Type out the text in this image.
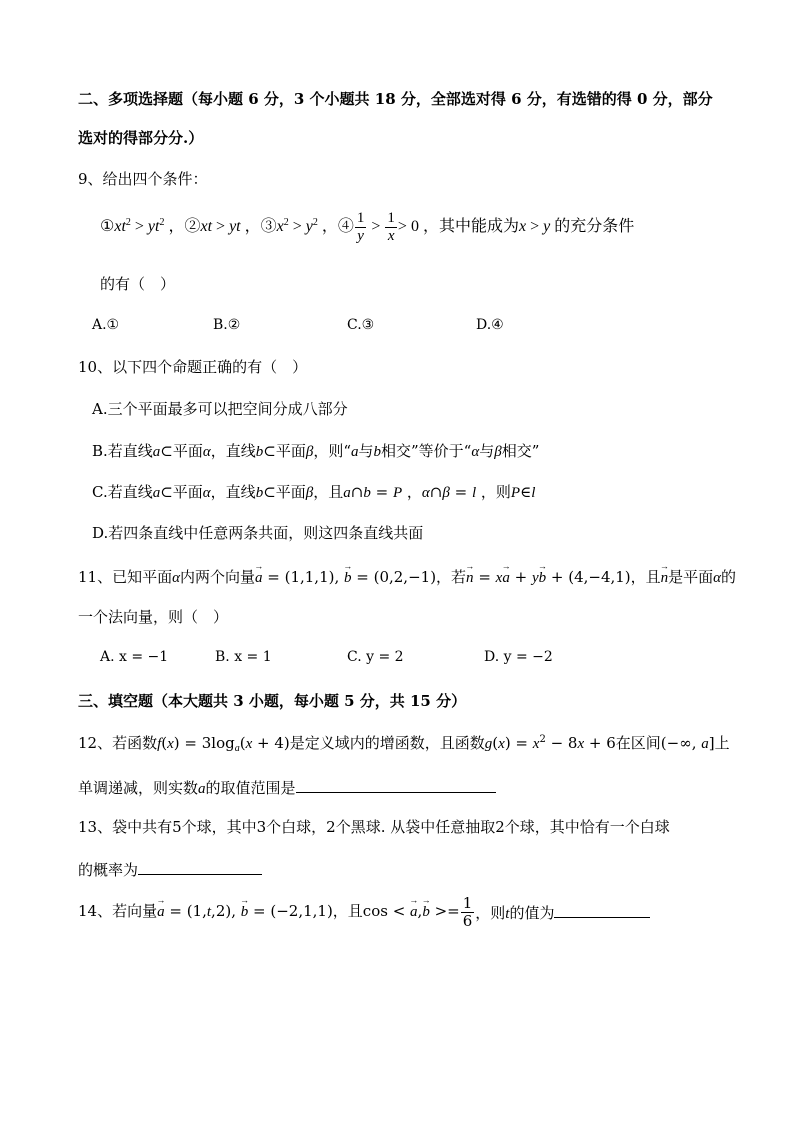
二、多项选择题（每小题 6 分，3 个小题共 18 分，全部选对得 6 分，有选错的得 0 分，部分
选对的得部分分.）
9、给出四个条件：
$①xt^2 > yt^2$ ，②xt > yt ，$③x^2 > y^2$ ，④ $\frac{1}{y} > \frac{1}{x} > 0$ ，其中能成为x > y 的充分条件
的有（　）
A.①	B.②	C.③	D.④
10、以下四个命题正确的有（　）
A.三个平面最多可以把空间分成八部分
B.若直线a⊂平面α，直线b⊂平面β，则“a与b相交”等价于“α与β相交”
C.若直线a⊂平面α，直线b⊂平面β，且a∩b = P ，α∩β = l ，则P∈l
D.若四条直线中任意两条共面，则这四条直线共面
11、已知平面α内两个向量→ a = (1,1,1), → b = (0,2,−1)，若→ n = x→ a + y→ b + (4,−4,1)，且→ n是平面α的
一个法向量，则（　）
A. x = −1	B. x = 1	C. y = 2	D. y = −2
三、填空题（本大题共 3 小题，每小题 5 分，共 15 分）
12、若函数$f(x) = 3\log_a(x + 4)$是定义域内的增函数，且函数$g(x) = x^2 - 8x + 6$在区间(−∞, a]上
单调递减，则实数a的取值范围是
13、袋中共有5个球，其中3个白球，2个黑球. 从袋中任意抽取2个球，其中恰有一个白球
的概率为
14、若向量→ a = (1,t,2), → b = (−2,1,1)，且cos < → $a,\to b >= \frac{1}{6}$ ，则t的值为
